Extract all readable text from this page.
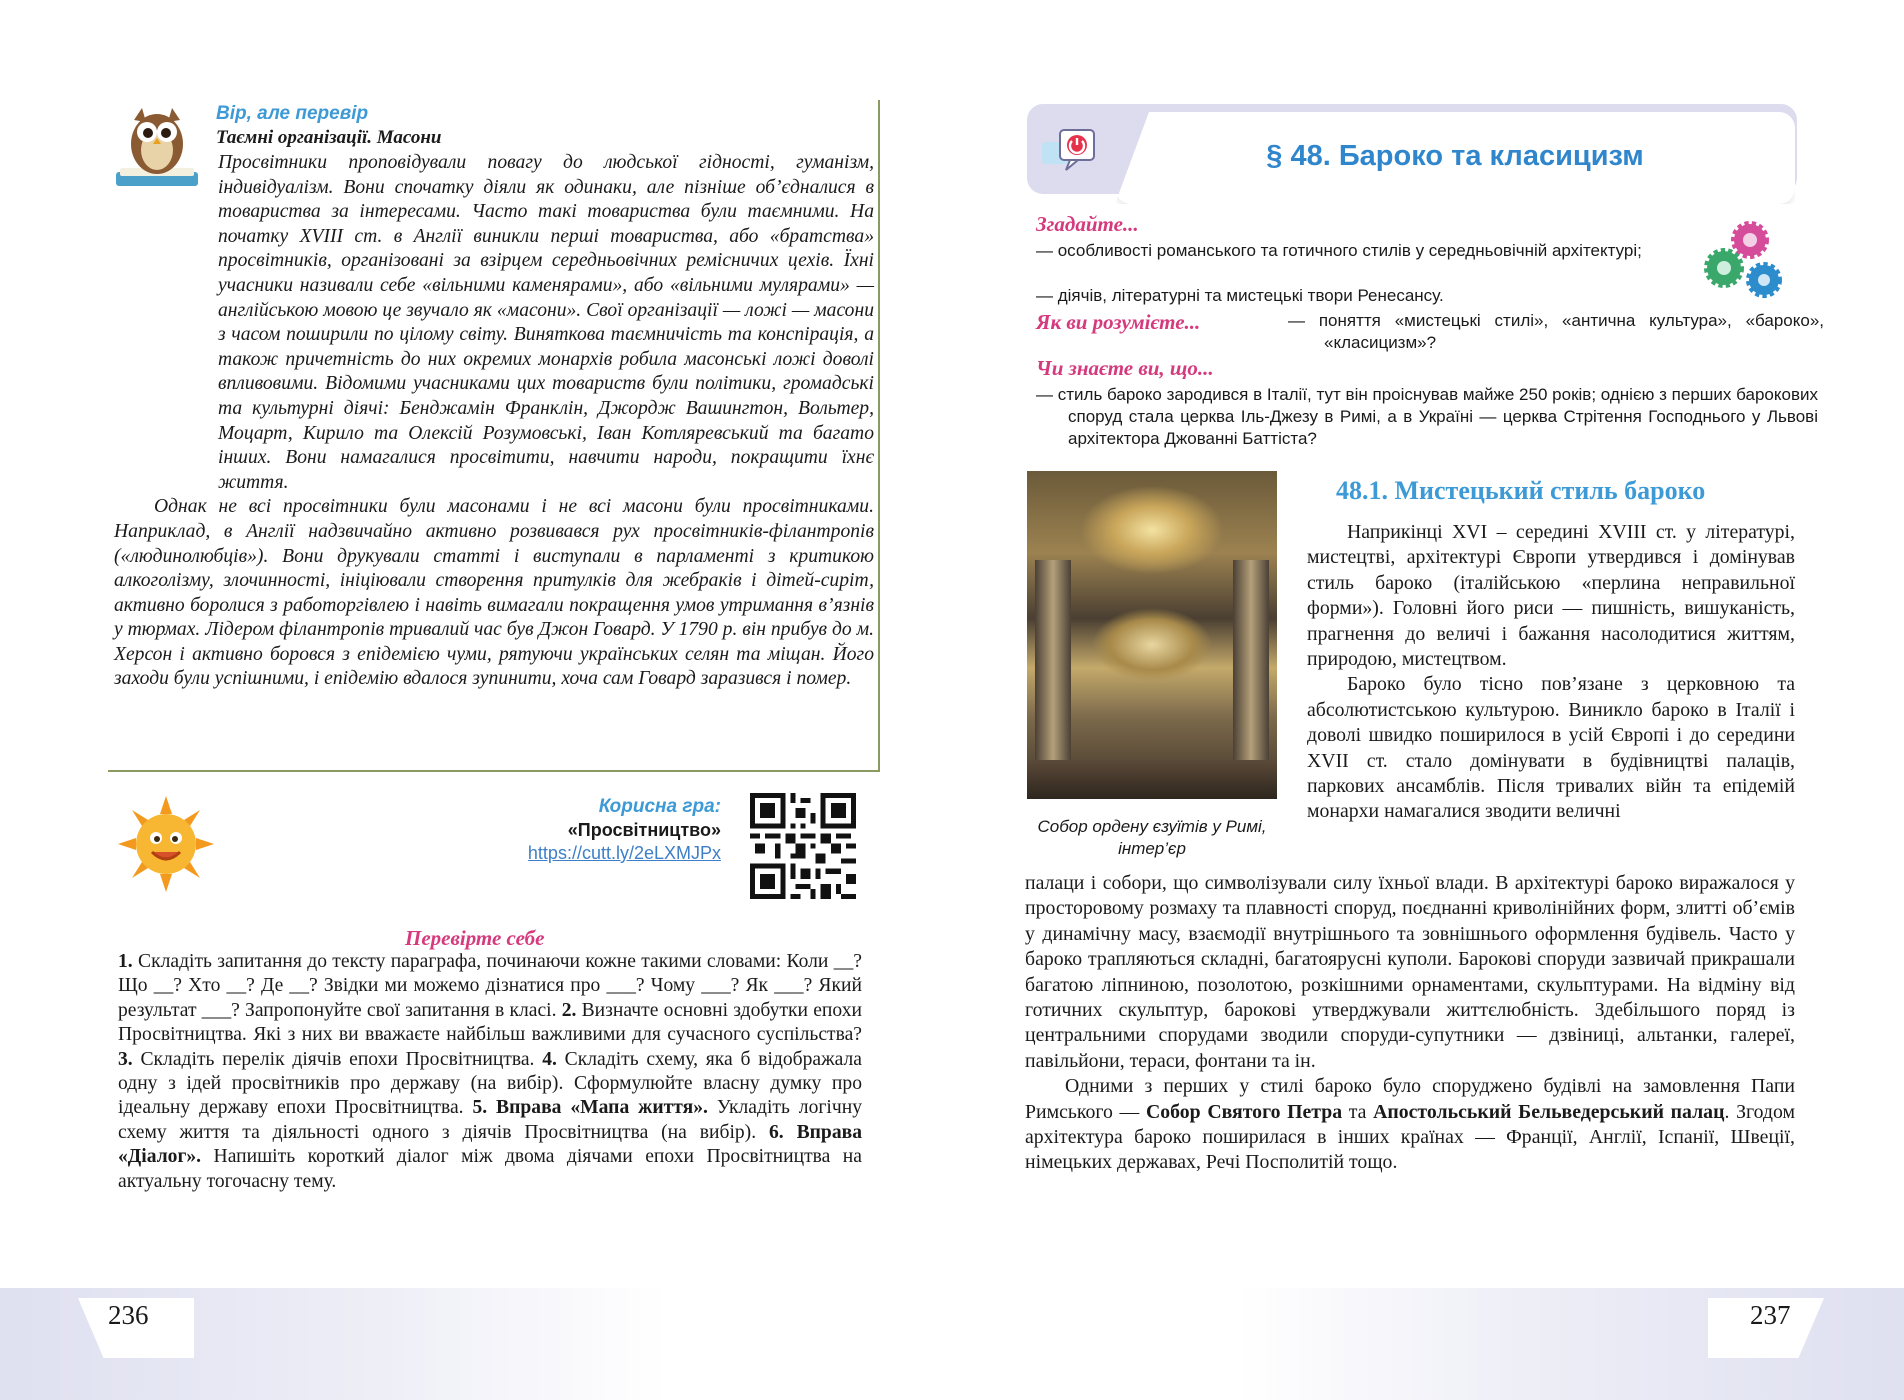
236	237
Вір, але перевір
Таємні організації. Масони

Просвітники проповідували повагу до людської гідності, гуманізм, індивідуалізм. Вони спочатку діяли як одинаки, але пізніше об’єдналися в товариства за інтересами. Часто такі товариства були таємними. На початку XVIII ст. в Англії виникли перші товариства, або «братства» просвітників, організовані за взірцем середньовічних ремісничих цехів. Їхні учасники називали себе «вільними каменярами», або «вільними мулярами» — англійською мовою це звучало як «масони». Свої організації — ложі — масони з часом поширили по цілому світу. Виняткова таємничість та конспірація, а також причетність до них окремих монархів робила масонські ложі доволі впливовими. Відомими учасниками цих товариств були політики, громадські та культурні діячі: Бенджамін Франклін, Джордж Вашингтон, Вольтер, Моцарт, Кирило та Олексій Розумовські, Іван Котляревський та багато інших. Вони намагалися просвітити, навчити народи, покращити їхнє життя.

Однак не всі просвітники були масонами і не всі масони були просвітниками. Наприклад, в Англії надзвичайно активно розвивався рух просвітників-філантропів («людинолюбців»). Вони друкували статті і виступали в парламенті з критикою алкоголізму, злочинності, ініціювали створення притулків для жебраків і дітей-сиріт, активно боролися з работоргівлею і навіть вимагали покращення умов утримання в’язнів у тюрмах. Лідером філантропів тривалий час був Джон Говард. У 1790 р. він прибув до м. Херсон і активно боровся з епідемією чуми, рятуючи українських селян та міщан. Його заходи були успішними, і епідемію вдалося зупинити, хоча сам Говард заразився і помер.

Корисна гра:
«Просвітництво»
https://cutt.ly/2eLXMJPx
Перевірте себе
1. Складіть запитання до тексту параграфа, починаючи кожне такими словами: Коли __? Що __? Хто __? Де __? Звідки ми можемо дізнатися про ___? Чому ___? Як ___? Який результат ___? Запропонуйте свої запитання в класі. 2. Визначте основні здобутки епохи Просвітництва. Які з них ви вважаєте найбільш важливими для сучасного суспільства? 3. Складіть перелік діячів епохи Просвітництва. 4. Складіть схему, яка б відображала одну з ідей просвітників про державу (на вибір). Сформулюйте власну думку про ідеальну державу епохи Просвітництва. 5. Вправа «Мапа життя». Укладіть логічну схему життя та діяльності одного з діячів Просвітництва (на вибір). 6. Вправа «Діалог». Напишіть короткий діалог між двома діячами епохи Просвітництва на актуальну тогочасну тему.
§ 48. Бароко та класицизм
Згадайте...
— особливості романського та готичного стилів у середньовічній архітектурі;
— діячів, літературні та мистецькі твори Ренесансу.
Як ви розумієте...	— поняття «мистецькі стилі», «антична культура», «бароко», «класицизм»?
Чи знаєте ви, що...
— стиль бароко зародився в Італії, тут він проіснував майже 250 років; однією з перших барокових споруд стала церква Іль-Джезу в Римі, а в Україні — церква Стрітення Господнього у Львові архітектора Джованні Баттіста?
Собор ордену єзуїтів у Римі, інтер’єр
48.1. Мистецький стиль бароко

Наприкінці XVI – середині XVIII ст. у літературі, мистецтві, архітектурі Європи утвердився і домінував стиль бароко (італійською «перлина неправильної форми»). Головні його риси — пишність, вишуканість, прагнення до величі і бажання насолодитися життям, природою, мистецтвом.

Бароко було тісно пов’язане з церковною та абсолютистською культурою. Виникло бароко в Італії і доволі швидко поширилося в усій Європі і до середини XVII ст. стало домінувати в будівництві палаців, паркових ансамблів. Після тривалих війн та епідемій монархи намагалися зводити величні

палаци і собори, що символізували силу їхньої влади. В архітектурі бароко виражалося у просторовому розмаху та плавності споруд, поєднанні криволінійних форм, злитті об’ємів у динамічну масу, взаємодії внутрішнього та зовнішнього оформлення будівель. Часто у бароко трапляються складні, багатоярусні куполи. Барокові споруди зазвичай прикрашали багатою ліпниною, позолотою, розкішними орнаментами, скульптурами. На відміну від готичних скульптур, барокові утверджували життєлюбність. Здебільшого поряд із центральними спорудами зводили споруди-супутники — дзвіниці, альтанки, галереї, павільйони, тераси, фонтани та ін.

Одними з перших у стилі бароко було споруджено будівлі на замовлення Папи Римського — Собор Святого Петра та Апостольський Бельведерський палац. Згодом архітектура бароко поширилася в інших країнах — Франції, Англії, Іспанії, Швеції, німецьких державах, Речі Посполитій тощо.
